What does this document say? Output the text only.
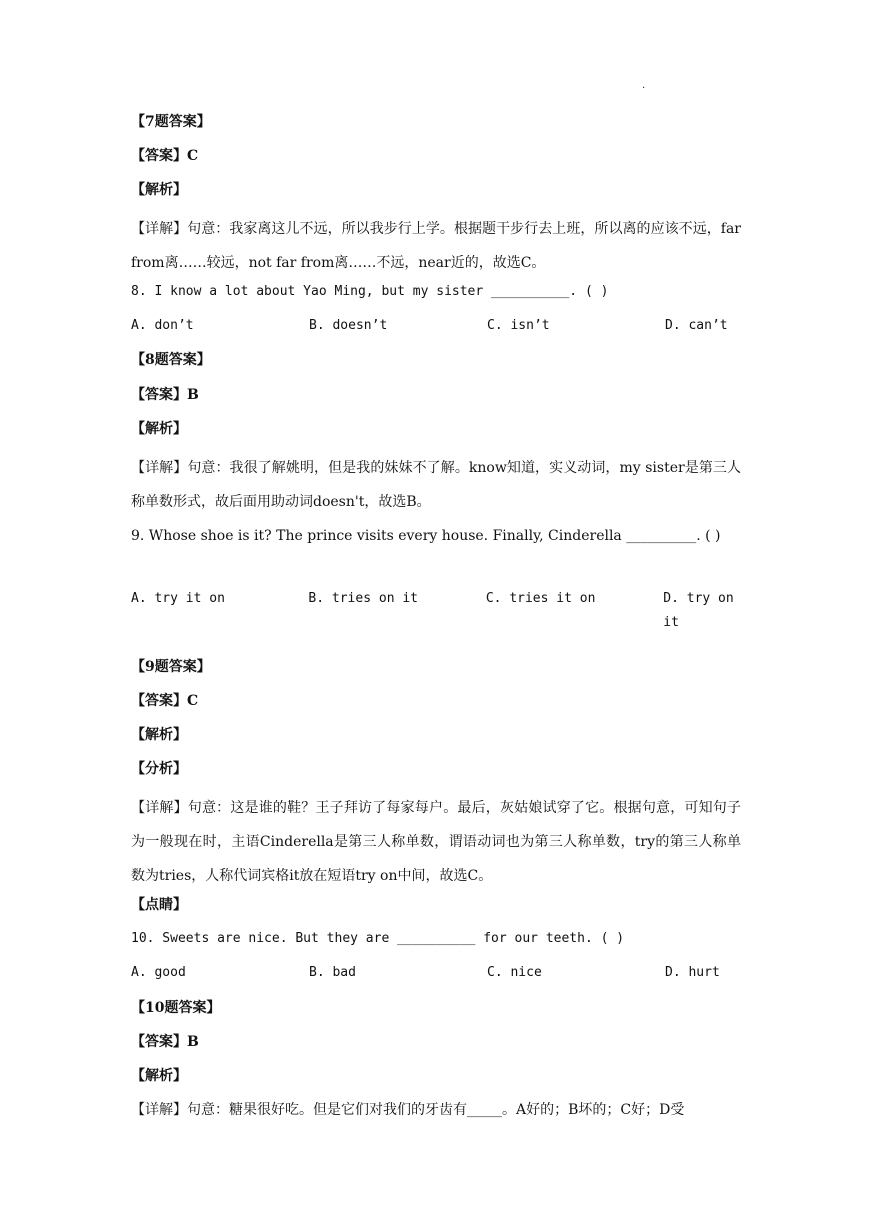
.
【7题答案】
【答案】C
【解析】
【详解】句意：我家离这儿不远，所以我步行上学。根据题干步行去上班，所以离的应该不远，far from离……较远，not far from离……不远，near近的，故选C。
8. I know a lot about Yao Ming, but my sister __________. ( )
A. don’t	B. doesn’t	C. isn’t	D. can’t
【8题答案】
【答案】B
【解析】
【详解】句意：我很了解姚明，但是我的妹妹不了解。know知道，实义动词，my sister是第三人称单数形式，故后面用助动词doesn't，故选B。
9. Whose shoe is it? The prince visits every house. Finally, Cinderella __________. ( )
A. try it on	B. tries on it	C. tries it on	D. try on it
【9题答案】
【答案】C
【解析】
【分析】
【详解】句意：这是谁的鞋？王子拜访了每家每户。最后，灰姑娘试穿了它。根据句意，可知句子为一般现在时，主语Cinderella是第三人称单数，谓语动词也为第三人称单数，try的第三人称单数为tries，人称代词宾格it放在短语try on中间，故选C。
【点睛】
10. Sweets are nice. But they are __________ for our teeth. ( )
A. good	B. bad	C. nice	D. hurt
【10题答案】
【答案】B
【解析】
【详解】句意：糖果很好吃。但是它们对我们的牙齿有_____。A好的；B坏的；C好；D受
